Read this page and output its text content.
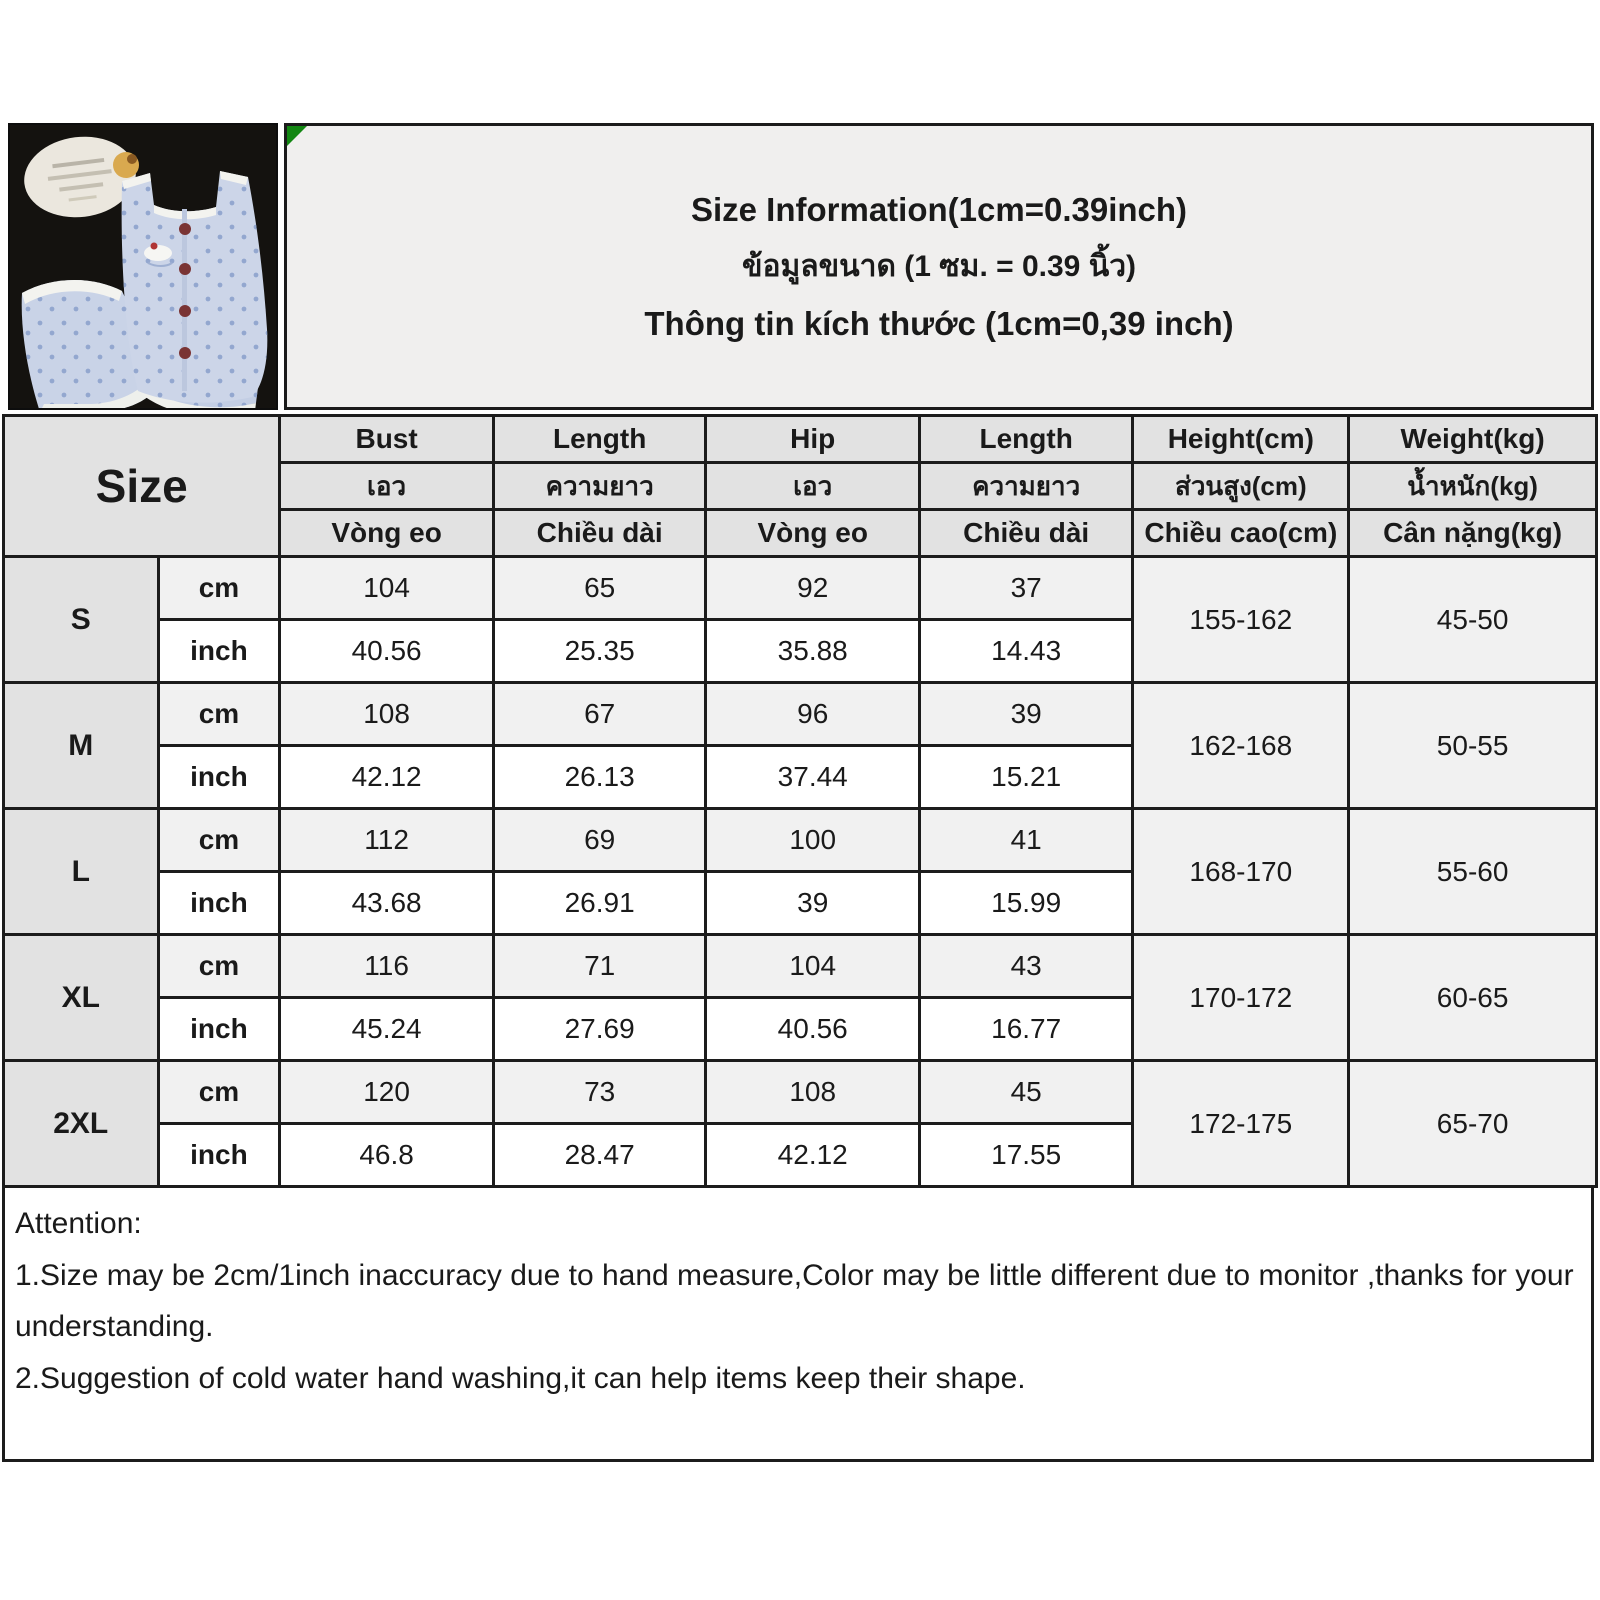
Size Information(1cm=0.39inch)
ข้อมูลขนาด (1 ซม. = 0.39 นิ้ว)
Thông tin kích thước (1cm=0,39 inch)
Size		Bust	Length	Hip	Length	Height(cm)	Weight(kg)
		เอว	ความยาว	เอว	ความยาว	ส่วนสูง(cm)	น้ำหนัก(kg)
		Vòng eo	Chiều dài	Vòng eo	Chiều dài	Chiều cao(cm)	Cân nặng(kg)
S	cm	104	65	92	37	155-162	45-50
	inch	40.56	25.35	35.88	14.43		
M	cm	108	67	96	39	162-168	50-55
	inch	42.12	26.13	37.44	15.21		
L	cm	112	69	100	41	168-170	55-60
	inch	43.68	26.91	39	15.99		
XL	cm	116	71	104	43	170-172	60-65
	inch	45.24	27.69	40.56	16.77		
2XL	cm	120	73	108	45	172-175	65-70
	inch	46.8	28.47	42.12	17.55		

Attention:

1.Size may be 2cm/1inch inaccuracy due to hand measure,Color may be little different due to monitor ,thanks for your understanding.

2.Suggestion of cold water hand washing,it can help items keep their shape.
